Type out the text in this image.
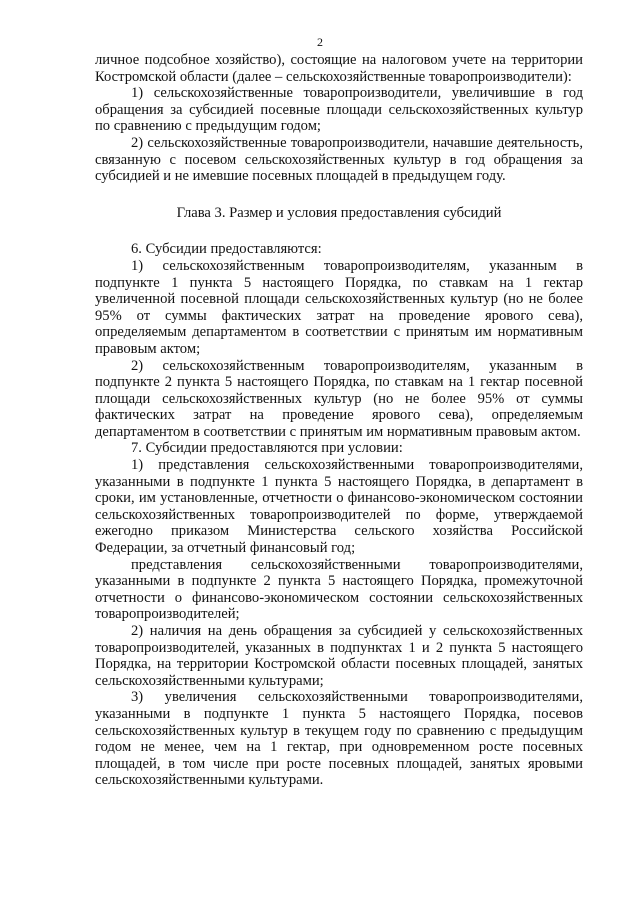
2

личное подсобное хозяйство), состоящие на налоговом учете на территории Костромской области (далее – сельскохозяйственные товаропроизводители):

1) сельскохозяйственные товаропроизводители, увеличившие в год обращения за субсидией посевные площади сельскохозяйственных культур по сравнению с предыдущим годом;

2) сельскохозяйственные товаропроизводители, начавшие деятельность, связанную с посевом сельскохозяйственных культур в год обращения за субсидией и не имевшие посевных площадей в предыдущем году.

Глава 3. Размер и условия предоставления субсидий

6. Субсидии предоставляются:

1) сельскохозяйственным товаропроизводителям, указанным в подпункте 1 пункта 5 настоящего Порядка, по ставкам на 1 гектар увеличенной посевной площади сельскохозяйственных культур (но не более 95% от суммы фактических затрат на проведение ярового сева), определяемым департаментом в соответствии с принятым им нормативным правовым актом;

2) сельскохозяйственным товаропроизводителям, указанным в подпункте 2 пункта 5 настоящего Порядка, по ставкам на 1 гектар посевной площади сельскохозяйственных культур (но не более 95% от суммы фактических затрат на проведение ярового сева), определяемым департаментом в соответствии с принятым им нормативным правовым актом.

7. Субсидии предоставляются при условии:

1) представления сельскохозяйственными товаропроизводителями, указанными в подпункте 1 пункта 5 настоящего Порядка, в департамент в сроки, им установленные, отчетности о финансово-экономическом состоянии сельскохозяйственных товаропроизводителей по форме, утверждаемой ежегодно приказом Министерства сельского хозяйства Российской Федерации, за отчетный финансовый год;

представления сельскохозяйственными товаропроизводителями, указанными в подпункте 2 пункта 5 настоящего Порядка, промежуточной отчетности о финансово-экономическом состоянии сельскохозяйственных товаропроизводителей;

2) наличия на день обращения за субсидией у сельскохозяйственных товаропроизводителей, указанных в подпунктах 1 и 2 пункта 5 настоящего Порядка, на территории Костромской области посевных площадей, занятых сельскохозяйственными культурами;

3) увеличения сельскохозяйственными товаропроизводителями, указанными в подпункте 1 пункта 5 настоящего Порядка, посевов сельскохозяйственных культур в текущем году по сравнению с предыдущим годом не менее, чем на 1 гектар, при одновременном росте посевных площадей, в том числе при росте посевных площадей, занятых яровыми сельскохозяйственными культурами.
